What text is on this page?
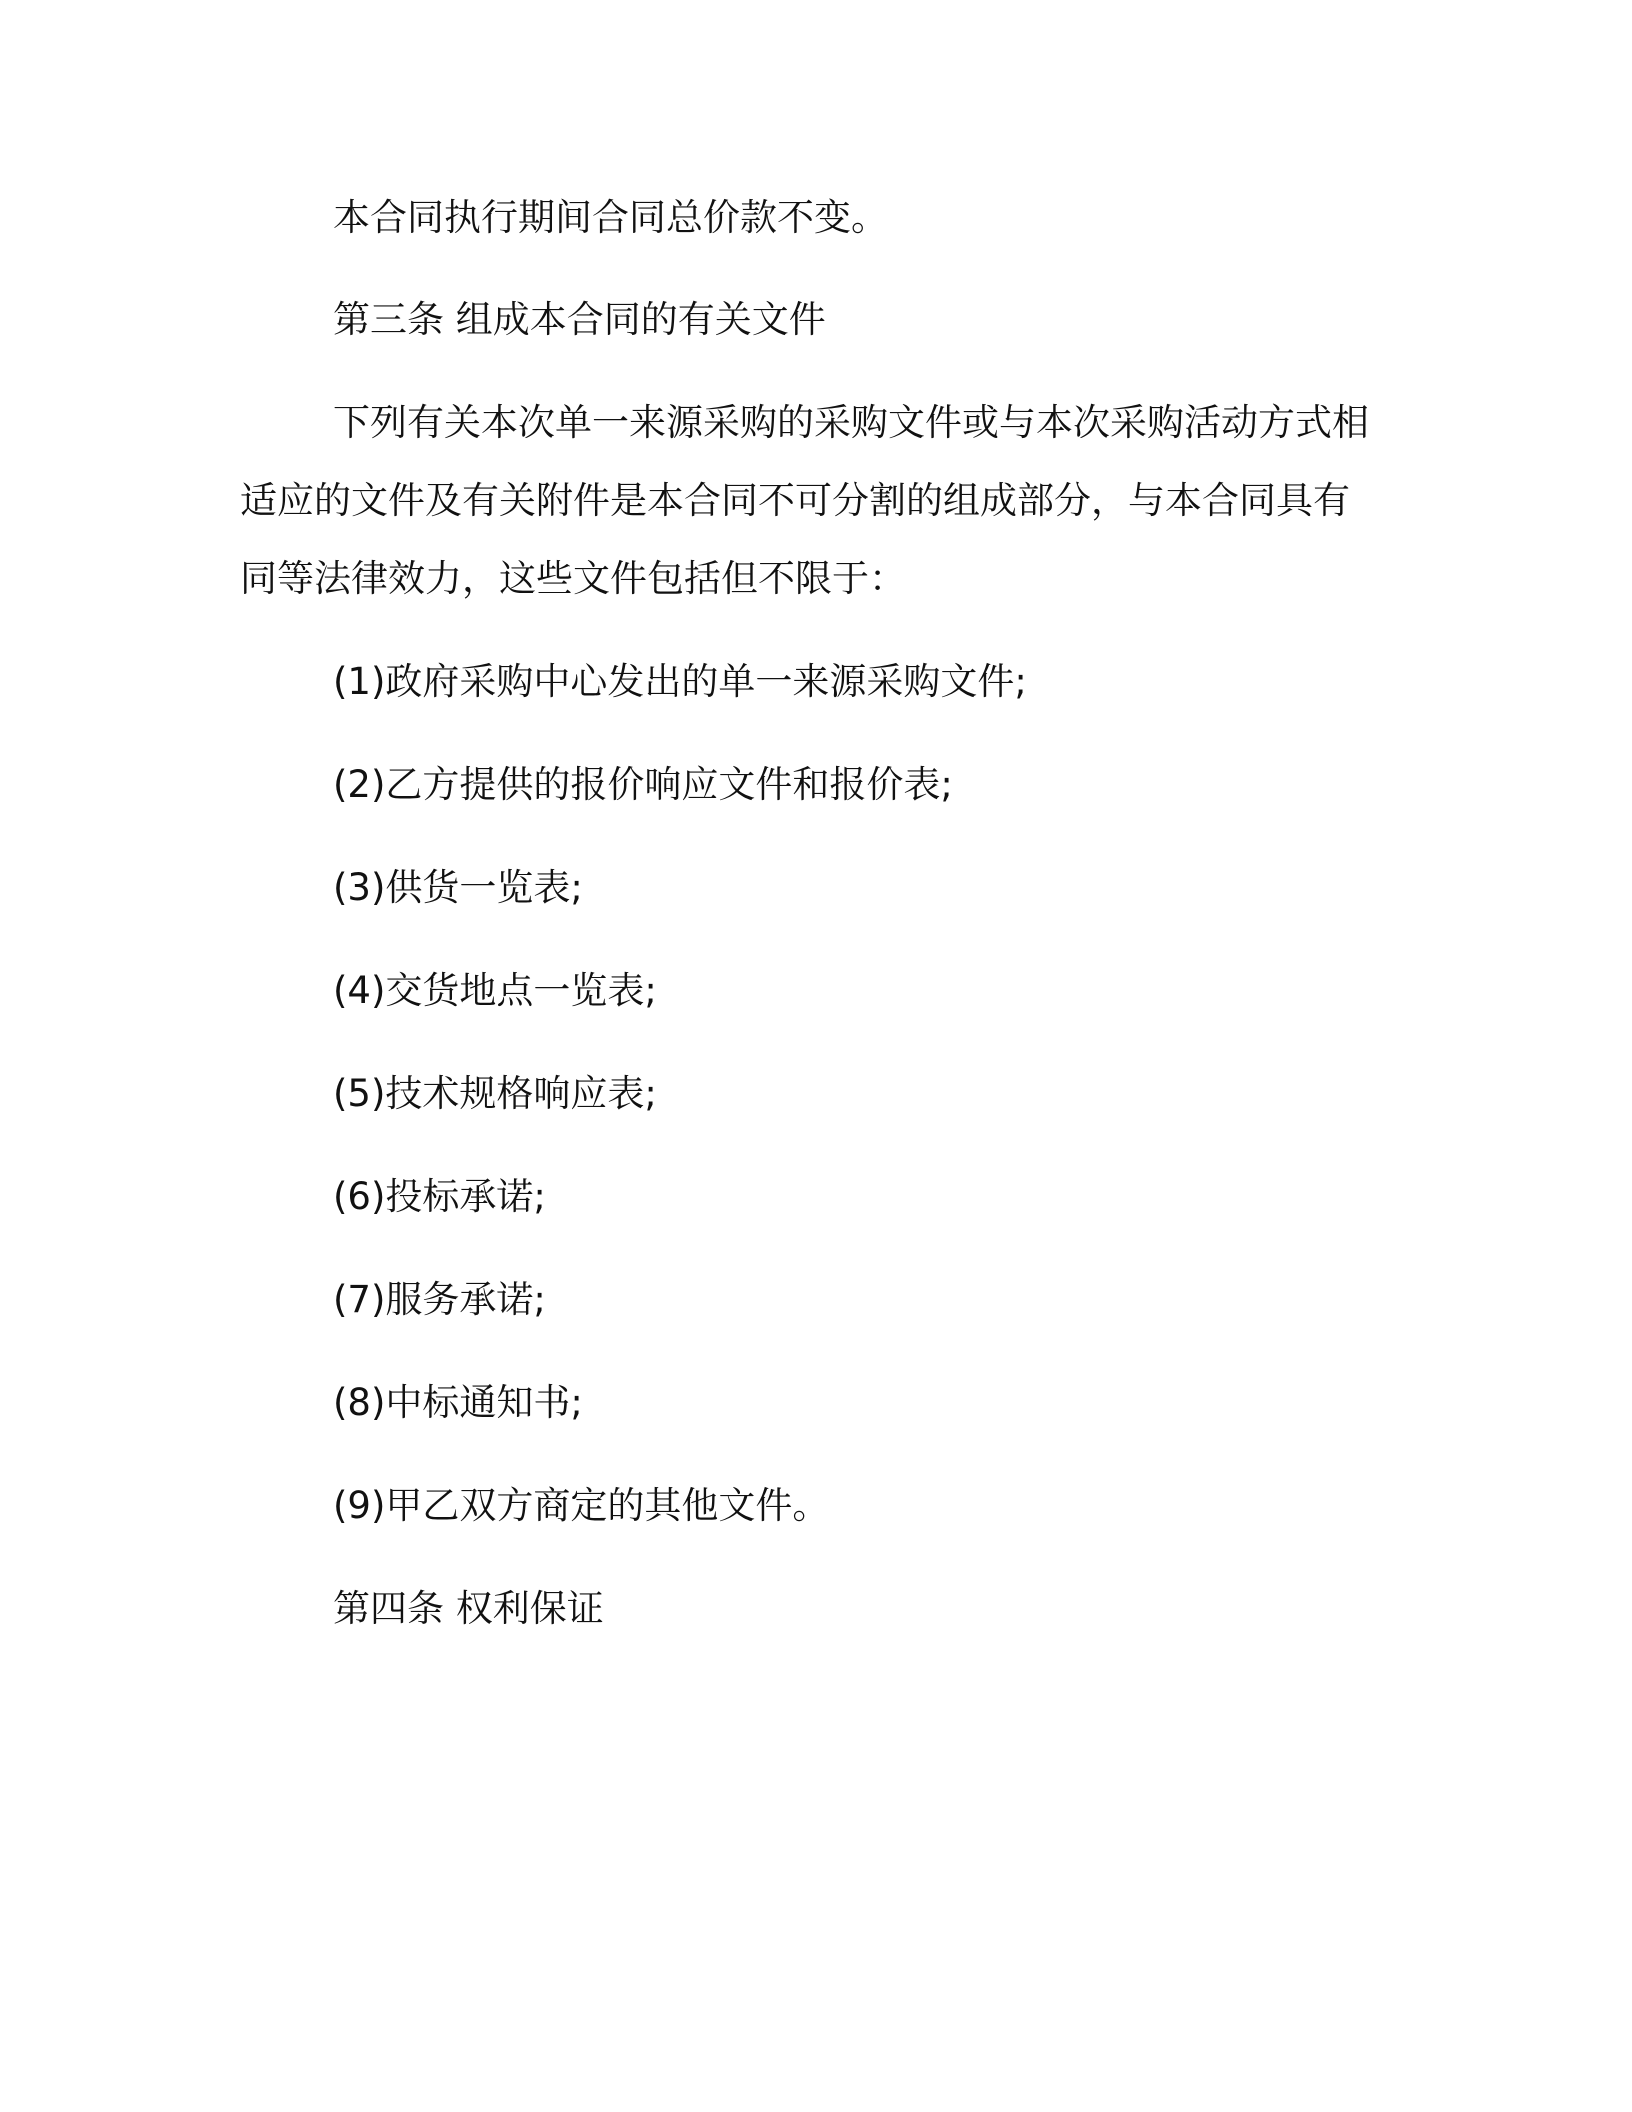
本合同执行期间合同总价款不变。
第三条 组成本合同的有关文件
下列有关本次单一来源采购的采购文件或与本次采购活动方式相
适应的文件及有关附件是本合同不可分割的组成部分，与本合同具有
同等法律效力，这些文件包括但不限于：
(1)政府采购中心发出的单一来源采购文件;
(2)乙方提供的报价响应文件和报价表;
(3)供货一览表;
(4)交货地点一览表;
(5)技术规格响应表;
(6)投标承诺;
(7)服务承诺;
(8)中标通知书;
(9)甲乙双方商定的其他文件。
第四条 权利保证
